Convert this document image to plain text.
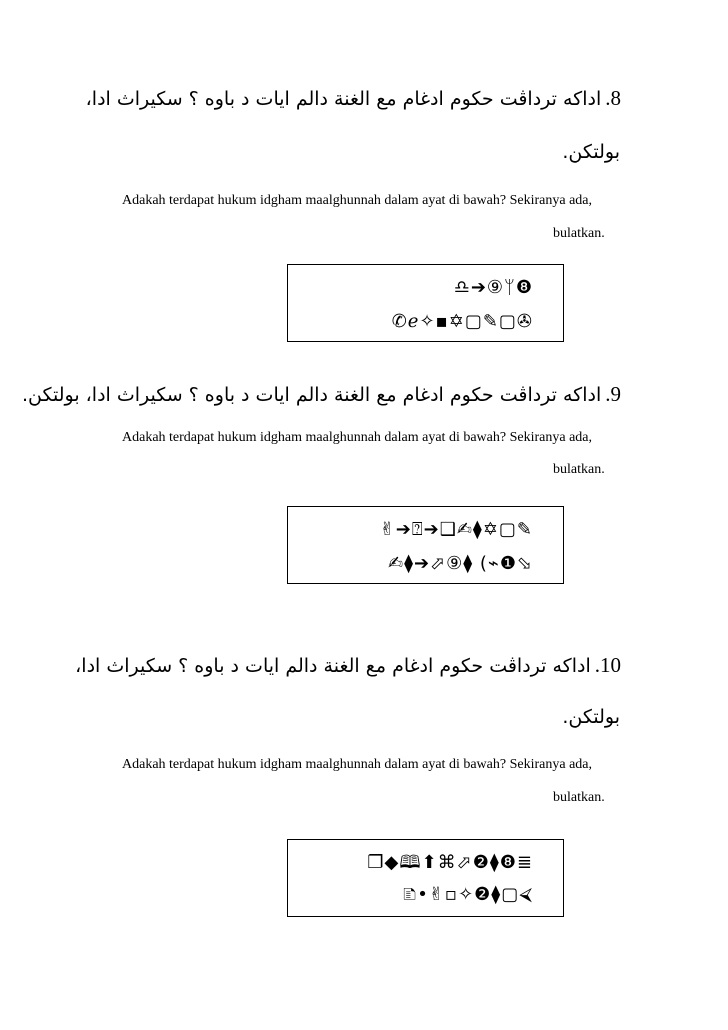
8. اداكه ترداڤت حكوم ادغام مع الغنة دالم ايات د باوه ؟ سکيراث ادا،
بولتكن.
Adakah terdapat hukum idgham maalghunnah dalam ayat di bawah? Sekiranya ada,
bulatkan.
❽ᛘ⑨➔♎
✇▢✎▢✡▪✧ℯ✆
9. اداكه ترداڤت حكوم ادغام مع الغنة دالم ايات د باوه ؟ سکيراث ادا، بولتكن.
Adakah terdapat hukum idgham maalghunnah dalam ayat di bawah? Sekiranya ada,
bulatkan.
✎▢✡⧫✍❑➔⍰➔✌
⬂❶⌁) ⧫⑨⬀➔⧫✍
10. اداكه ترداڤت حكوم ادغام مع الغنة دالم ايات د باوه ؟ سکيراث ادا،
بولتكن.
Adakah terdapat hukum idgham maalghunnah dalam ayat di bawah? Sekiranya ada,
bulatkan.
≣❽⧫❷⬀⌘⬆🕮◆❐
⮘▢⧫❷✧▫✌•🗈
